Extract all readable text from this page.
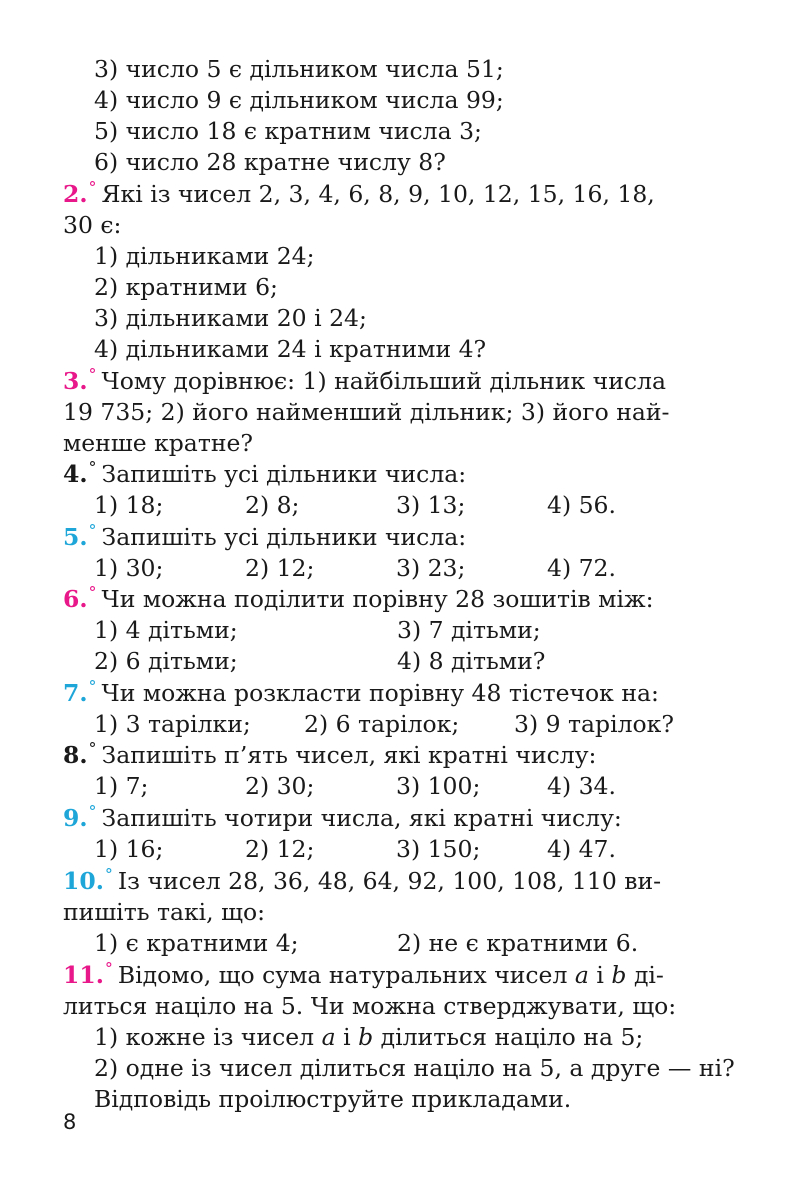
3) число 5 є дільником числа 51;
4) число 9 є дільником числа 99;
5) число 18 є кратним числа 3;
6) число 28 кратне числу 8?
2.° Які із чисел 2, 3, 4, 6, 8, 9, 10, 12, 15, 16, 18,
30 є:
1) дільниками 24;
2) кратними 6;
3) дільниками 20 і 24;
4) дільниками 24 і кратними 4?
3.° Чому дорівнює: 1) найбільший дільник числа
19 735; 2) його найменший дільник; 3) його най-
менше кратне?
4.° Запишіть усі дільники числа:
1) 18;	2) 8;	3) 13;	4) 56.
5.° Запишіть усі дільники числа:
1) 30;	2) 12;	3) 23;	4) 72.
6.° Чи можна поділити порівну 28 зошитів між:
1) 4 дітьми;	3) 7 дітьми;
2) 6 дітьми;	4) 8 дітьми?
7.° Чи можна розкласти порівну 48 тістечок на:
1) 3 тарілки; 2) 6 тарілок; 3) 9 тарілок?
8.° Запишіть п’ять чисел, які кратні числу:
1) 7;	2) 30;	3) 100;	4) 34.
9.° Запишіть чотири числа, які кратні числу:
1) 16;	2) 12;	3) 150;	4) 47.
10.° Із чисел 28, 36, 48, 64, 92, 100, 108, 110 ви-
пишіть такі, що:
1) є кратними 4;	2) не є кратними 6.
11.° Відомо, що сума натуральних чисел a і b ді-
литься націло на 5. Чи можна стверджувати, що:
1) кожне із чисел a і b ділиться націло на 5;
2) одне із чисел ділиться націло на 5, а друге — ні?
Відповідь проілюструйте прикладами.
8
